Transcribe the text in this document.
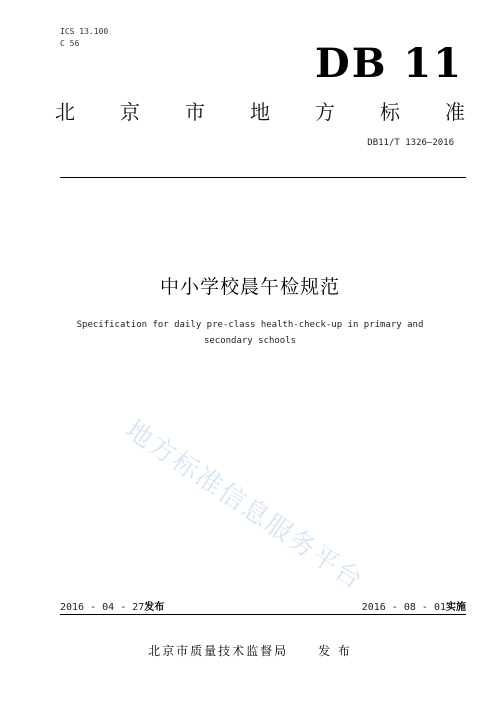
ICS 13.100
C 56	DB 11
北 京 市 地 方 标 准
DB11/T 1326—2016
中小学校晨午检规范
Specification for daily pre-class health-check-up in primary and secondary schools
地方标准信息服务平台
2016 - 04 - 27发布	2016 - 08 - 01实施
北京市质量技术监督局	发 布
